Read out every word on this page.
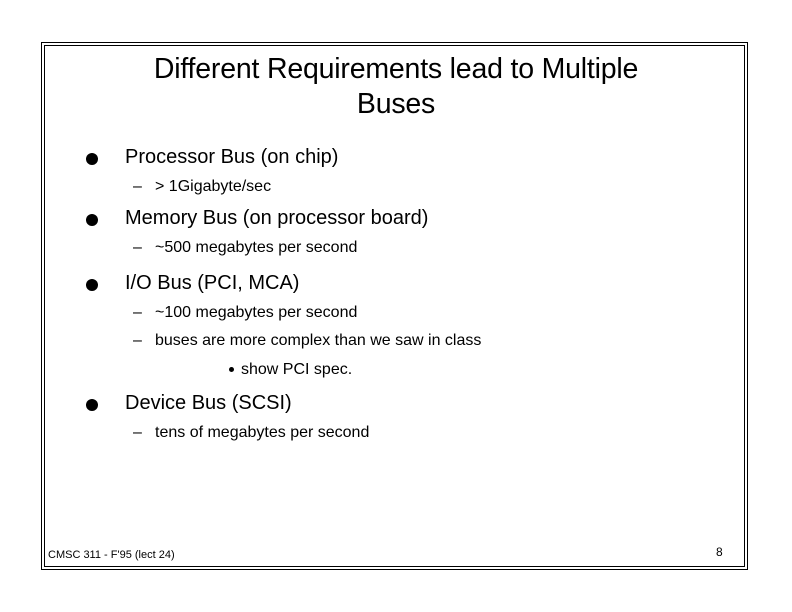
Different Requirements lead to Multiple
Buses
Processor Bus (on chip)
– > 1Gigabyte/sec
Memory Bus (on processor board)
– ~500 megabytes per second
I/O Bus (PCI, MCA)
– ~100 megabytes per second
– buses are more complex than we saw in class
show PCI spec.
Device Bus (SCSI)
– tens of megabytes per second
CMSC 311 - F'95 (lect 24)	8
